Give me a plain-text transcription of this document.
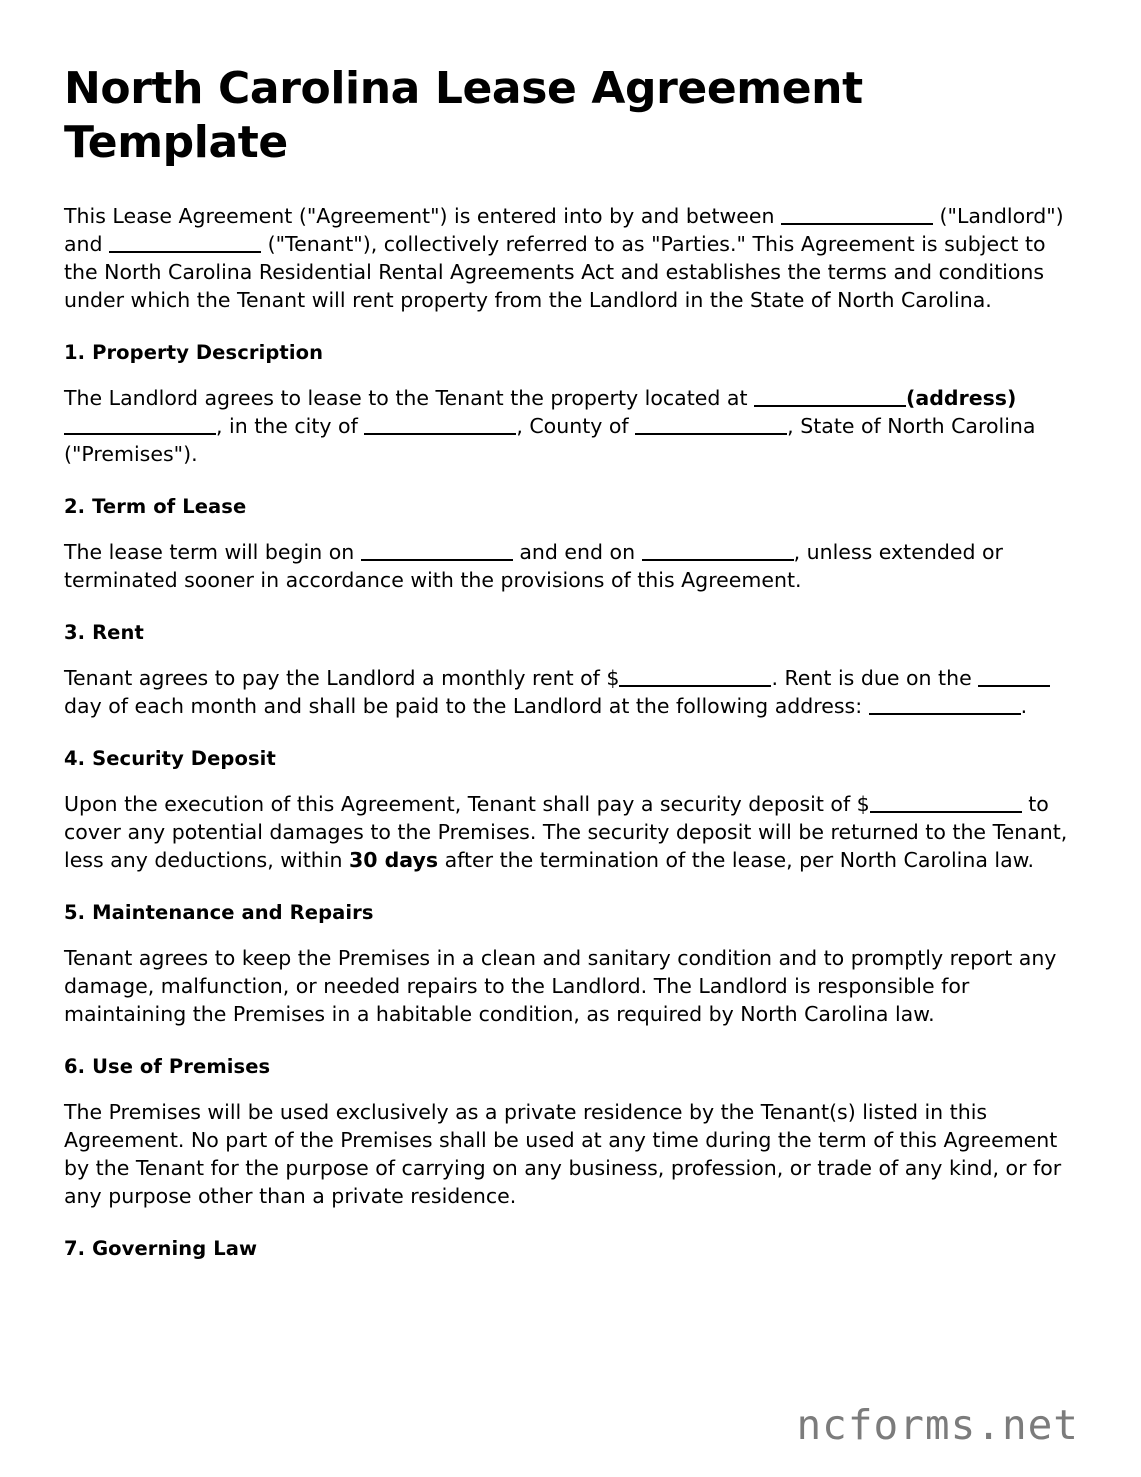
North Carolina Lease Agreement Template

This Lease Agreement ("Agreement") is entered into by and between	("Landlord") and	("Tenant"), collectively referred to as "Parties." This Agreement is subject to the North Carolina Residential Rental Agreements Act and establishes the terms and conditions under which the Tenant will rent property from the Landlord in the State of North Carolina.

1. Property Description

The Landlord agrees to lease to the Tenant the property located at	(address), in the city of	, County of	, State of North Carolina ("Premises").

2. Term of Lease

The lease term will begin on	and end on	, unless extended or terminated sooner in accordance with the provisions of this Agreement.

3. Rent

Tenant agrees to pay the Landlord a monthly rent of $	. Rent is due on the  day of each month and shall be paid to the Landlord at the following address:	.

4. Security Deposit

Upon the execution of this Agreement, Tenant shall pay a security deposit of $	to cover any potential damages to the Premises. The security deposit will be returned to the Tenant, less any deductions, within 30 days after the termination of the lease, per North Carolina law.

5. Maintenance and Repairs

Tenant agrees to keep the Premises in a clean and sanitary condition and to promptly report any damage, malfunction, or needed repairs to the Landlord. The Landlord is responsible for maintaining the Premises in a habitable condition, as required by North Carolina law.

6. Use of Premises

The Premises will be used exclusively as a private residence by the Tenant(s) listed in this Agreement. No part of the Premises shall be used at any time during the term of this Agreement by the Tenant for the purpose of carrying on any business, profession, or trade of any kind, or for any purpose other than a private residence.

7. Governing Law
ncforms.net
